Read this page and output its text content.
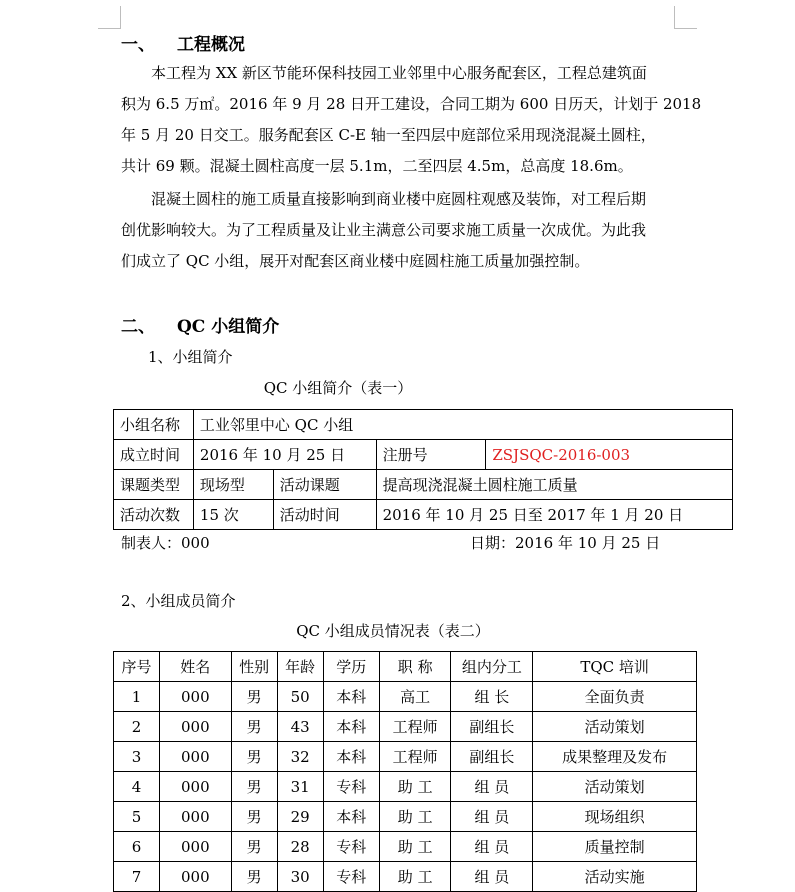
一、 工程概况
本工程为 XX 新区节能环保科技园工业邻里中心服务配套区，工程总建筑面
积为 6.5 万㎡。2016 年 9 月 28 日开工建设，合同工期为 600 日历天，计划于 2018
年 5 月 20 日交工。服务配套区 C-E 轴一至四层中庭部位采用现浇混凝土圆柱，
共计 69 颗。混凝土圆柱高度一层 5.1m，二至四层 4.5m，总高度 18.6m。
混凝土圆柱的施工质量直接影响到商业楼中庭圆柱观感及装饰，对工程后期
创优影响较大。为了工程质量及让业主满意公司要求施工质量一次成优。为此我
们成立了 QC 小组，展开对配套区商业楼中庭圆柱施工质量加强控制。
二、 QC 小组简介
1、小组简介
QC 小组简介（表一）
小组名称	工业邻里中心 QC 小组			
成立时间	2016 年 10 月 25 日		注册号	ZSJSQC-2016-003
课题类型	现场型	活动课题	提高现浇混凝土圆柱施工质量	
活动次数	15 次	活动时间	2016 年 10 月 25 日至 2017 年 1 月 20 日	
制表人：000	日期：2016 年 10 月 25 日
2、小组成员简介
QC 小组成员情况表（表二）
序号	姓名	性别	年龄	学历	职 称	组内分工	TQC 培训
1	000	男	50	本科	高工	组 长	全面负责
2	000	男	43	本科	工程师	副组长	活动策划
3	000	男	32	本科	工程师	副组长	成果整理及发布
4	000	男	31	专科	助 工	组 员	活动策划
5	000	男	29	本科	助 工	组 员	现场组织
6	000	男	28	专科	助 工	组 员	质量控制
7	000	男	30	专科	助 工	组 员	活动实施
